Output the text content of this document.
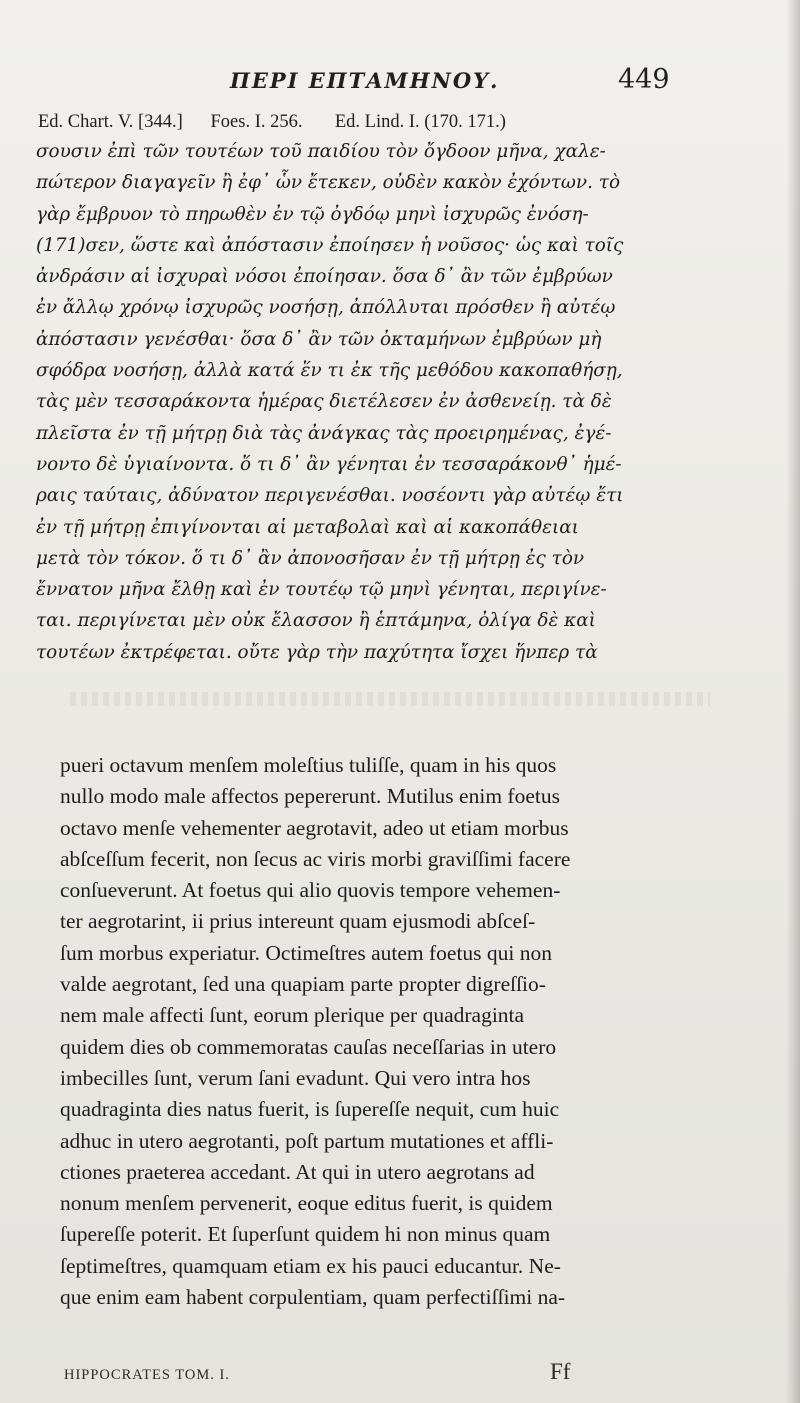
ΠΕΡΙ ΕΠΤΑΜΗΝΟΥ.	449
Ed. Chart. V. [344.]      Foes. I. 256.       Ed. Lind. I. (170. 171.)
σουσιν ἐπὶ τῶν τουτέων τοῦ παιδίου τὸν ὄγδοον μῆνα, χαλε-
πώτερον διαγαγεῖν ἢ ἐφ᾽ ὧν ἔτεκεν, οὐδὲν κακὸν ἐχόντων. τὸ
γὰρ ἔμβρυον τὸ πηρωθὲν ἐν τῷ ὀγδόῳ μηνὶ ἰσχυρῶς ἐνόση-
(171)σεν, ὥστε καὶ ἀπόστασιν ἐποίησεν ἡ νοῦσος· ὡς καὶ τοῖς
ἀνδράσιν αἱ ἰσχυραὶ νόσοι ἐποίησαν. ὅσα δ᾽ ἂν τῶν ἐμβρύων
ἐν ἄλλῳ χρόνῳ ἰσχυρῶς νοσήσῃ, ἀπόλλυται πρόσθεν ἢ αὐτέῳ
ἀπόστασιν γενέσθαι· ὅσα δ᾽ ἂν τῶν ὀκταμήνων ἐμβρύων μὴ
σφόδρα νοσήσῃ, ἀλλὰ κατά ἕν τι ἐκ τῆς μεθόδου κακοπαθήσῃ,
τὰς μὲν τεσσαράκοντα ἡμέρας διετέλεσεν ἐν ἀσθενείῃ. τὰ δὲ
πλεῖστα ἐν τῇ μήτρῃ διὰ τὰς ἀνάγκας τὰς προειρημένας, ἐγέ-
νοντο δὲ ὑγιαίνοντα. ὅ τι δ᾽ ἂν γένηται ἐν τεσσαράκονθ᾽ ἡμέ-
ραις ταύταις, ἀδύνατον περιγενέσθαι. νοσέοντι γὰρ αὐτέῳ ἔτι
ἐν τῇ μήτρῃ ἐπιγίνονται αἱ μεταβολαὶ καὶ αἱ κακοπάθειαι
μετὰ τὸν τόκον. ὅ τι δ᾽ ἂν ἀπονοσῆσαν ἐν τῇ μήτρῃ ἐς τὸν
ἔννατον μῆνα ἔλθῃ καὶ ἐν τουτέῳ τῷ μηνὶ γένηται, περιγίνε-
ται. περιγίνεται μὲν οὐκ ἔλασσον ἢ ἑπτάμηνα, ὀλίγα δὲ καὶ
τουτέων ἐκτρέφεται. οὔτε γὰρ τὴν παχύτητα ἴσχει ἥνπερ τὰ
pueri octavum menſem moleſtius tuliſſe, quam in his quos
nullo modo male affectos pepererunt. Mutilus enim foetus
octavo menſe vehementer aegrotavit, adeo ut etiam morbus
abſceſſum fecerit, non ſecus ac viris morbi graviſſimi facere
conſueverunt. At foetus qui alio quovis tempore vehemen-
ter aegrotarint, ii prius intereunt quam ejusmodi abſceſ-
ſum morbus experiatur. Octimeſtres autem foetus qui non
valde aegrotant, ſed una quapiam parte propter digreſſio-
nem male affecti ſunt, eorum plerique per quadraginta
quidem dies ob commemoratas cauſas neceſſarias in utero
imbecilles ſunt, verum ſani evadunt. Qui vero intra hos
quadraginta dies natus fuerit, is ſupereſſe nequit, cum huic
adhuc in utero aegrotanti, poſt partum mutationes et affli-
ctiones praeterea accedant. At qui in utero aegrotans ad
nonum menſem pervenerit, eoque editus fuerit, is quidem
ſupereſſe poterit. Et ſuperſunt quidem hi non minus quam
ſeptimeſtres, quamquam etiam ex his pauci educantur. Ne-
que enim eam habent corpulentiam, quam perfectiſſimi na-
HIPPOCRATES TOM. I.	Ff
